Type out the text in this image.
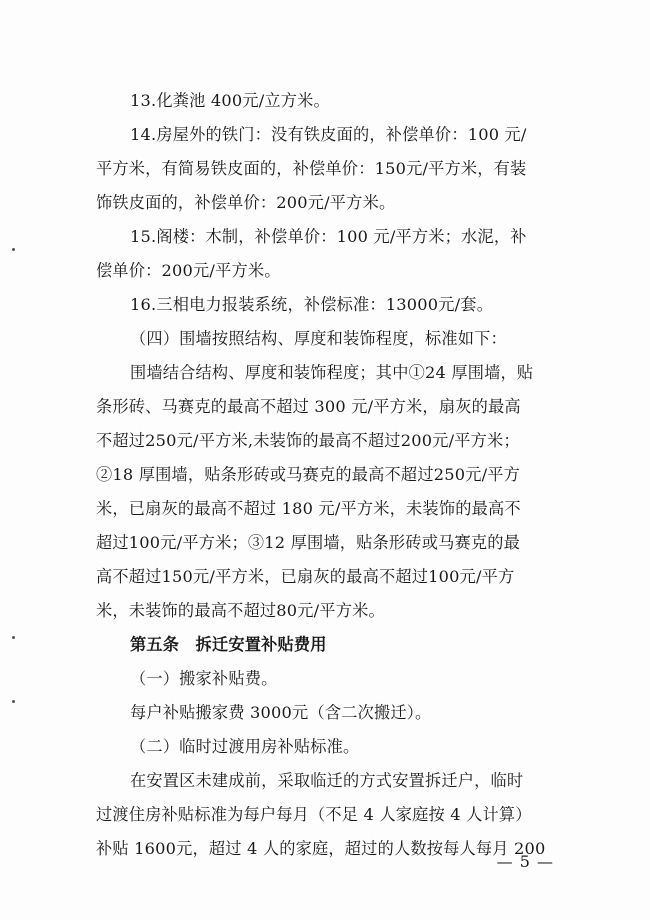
13.化粪池 400元/立方米。
14.房屋外的铁门：没有铁皮面的，补偿单价：100 元/
平方米，有简易铁皮面的，补偿单价：150元/平方米，有装
饰铁皮面的，补偿单价：200元/平方米。
15.阁楼：木制，补偿单价：100 元/平方米；水泥，补
偿单价：200元/平方米。
16.三相电力报装系统，补偿标准：13000元/套。
（四）围墙按照结构、厚度和装饰程度，标准如下：
围墙结合结构、厚度和装饰程度；其中①24 厚围墙，贴
条形砖、马赛克的最高不超过 300 元/平方米，扇灰的最高
不超过250元/平方米,未装饰的最高不超过200元/平方米；
②18 厚围墙，贴条形砖或马赛克的最高不超过250元/平方
米，已扇灰的最高不超过 180 元/平方米，未装饰的最高不
超过100元/平方米；③12 厚围墙，贴条形砖或马赛克的最
高不超过150元/平方米，已扇灰的最高不超过100元/平方
米，未装饰的最高不超过80元/平方米。
第五条　拆迁安置补贴费用
（一）搬家补贴费。
每户补贴搬家费 3000元（含二次搬迁）。
（二）临时过渡用房补贴标准。
在安置区未建成前，采取临迁的方式安置拆迁户，临时
过渡住房补贴标准为每户每月（不足 4 人家庭按 4 人计算）
补贴 1600元，超过 4 人的家庭，超过的人数按每人每月 200
— 5 —
